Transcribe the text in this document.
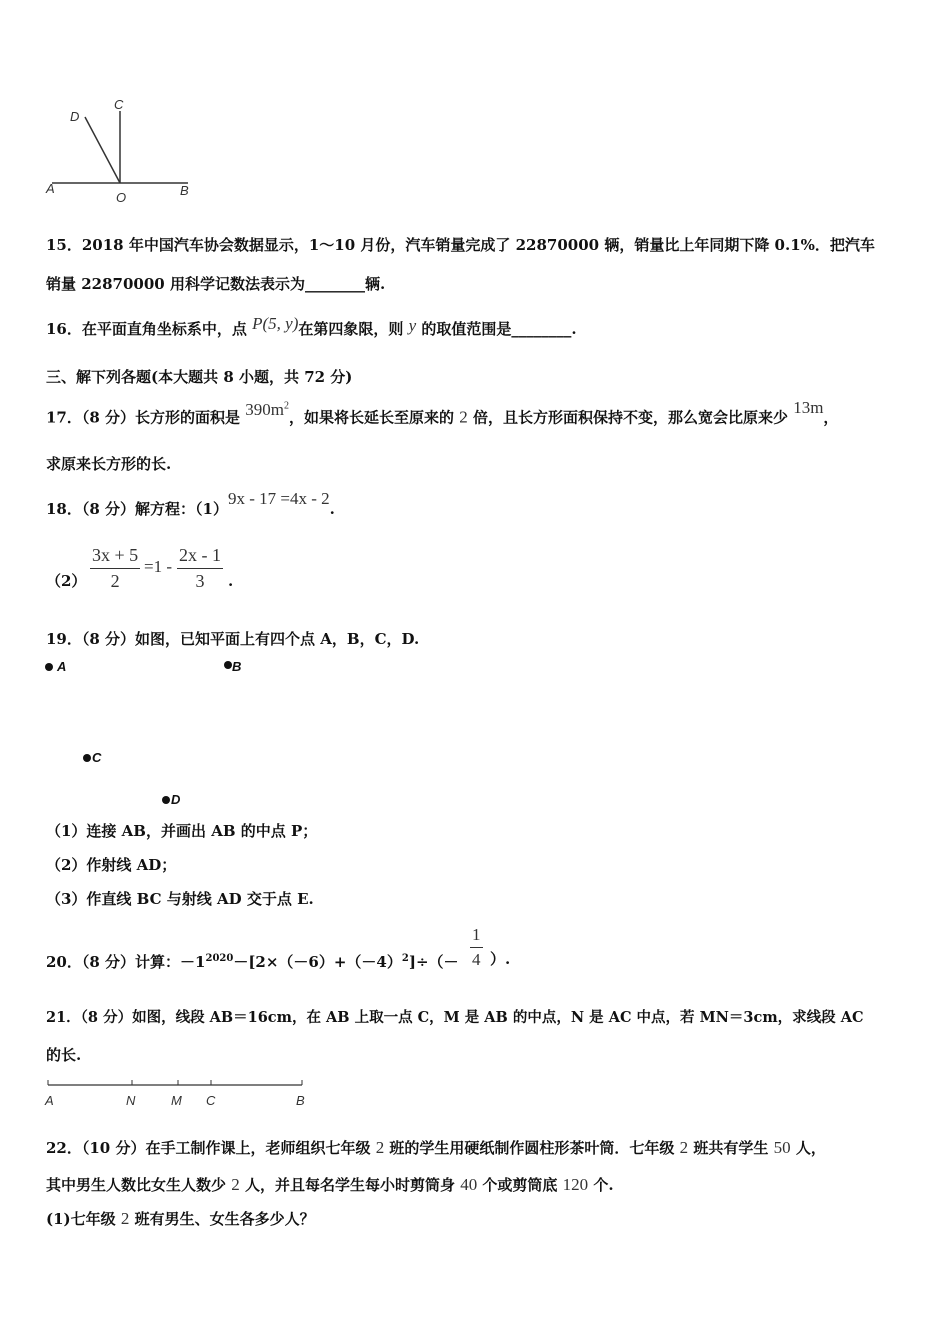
A	B
C
D
O
15．2018 年中国汽车协会数据显示，1～10 月份，汽车销量完成了 22870000 辆，销量比上年同期下降 0.1%．把汽车
销量 22870000 用科学记数法表示为________辆.
16．在平面直角坐标系中，点 P(5, y)在第四象限，则 y 的取值范围是________.
三、解下列各题(本大题共 8 小题，共 72 分)
17．（8 分）长方形的面积是 $390m^2$，如果将长延长至原来的 2 倍，且长方形面积保持不变，那么宽会比原来少 13m，
求原来长方形的长.
18．（8 分）解方程：（1）9x - 17 =4x - 2.
$(2) \frac{3x + 5}{2} =1 - \frac{2x - 1}{3}$ .
19．（8 分）如图，已知平面上有四个点 A，B，C，D.
A	B
C
D
（1）连接 AB，并画出 AB 的中点 P；
（2）作射线 AD；
（3）作直线 BC 与射线 AD 交于点 E.
20．（8 分）计算：$-1^{2020}-[2\times(-6)+(-4)^2]\div(- \frac{1}{4}$ ）.
21．（8 分）如图，线段 AB＝16cm，在 AB 上取一点 C，M 是 AB 的中点，N 是 AC 中点，若 MN＝3cm，求线段 AC
的长.
A	N	M C	B
22．（10 分）在手工制作课上，老师组织七年级 2 班的学生用硬纸制作圆柱形茶叶筒．七年级 2 班共有学生 50 人，
其中男生人数比女生人数少 2 人，并且每名学生每小时剪筒身 40 个或剪筒底 120 个.
(1)七年级 2 班有男生、女生各多少人？
